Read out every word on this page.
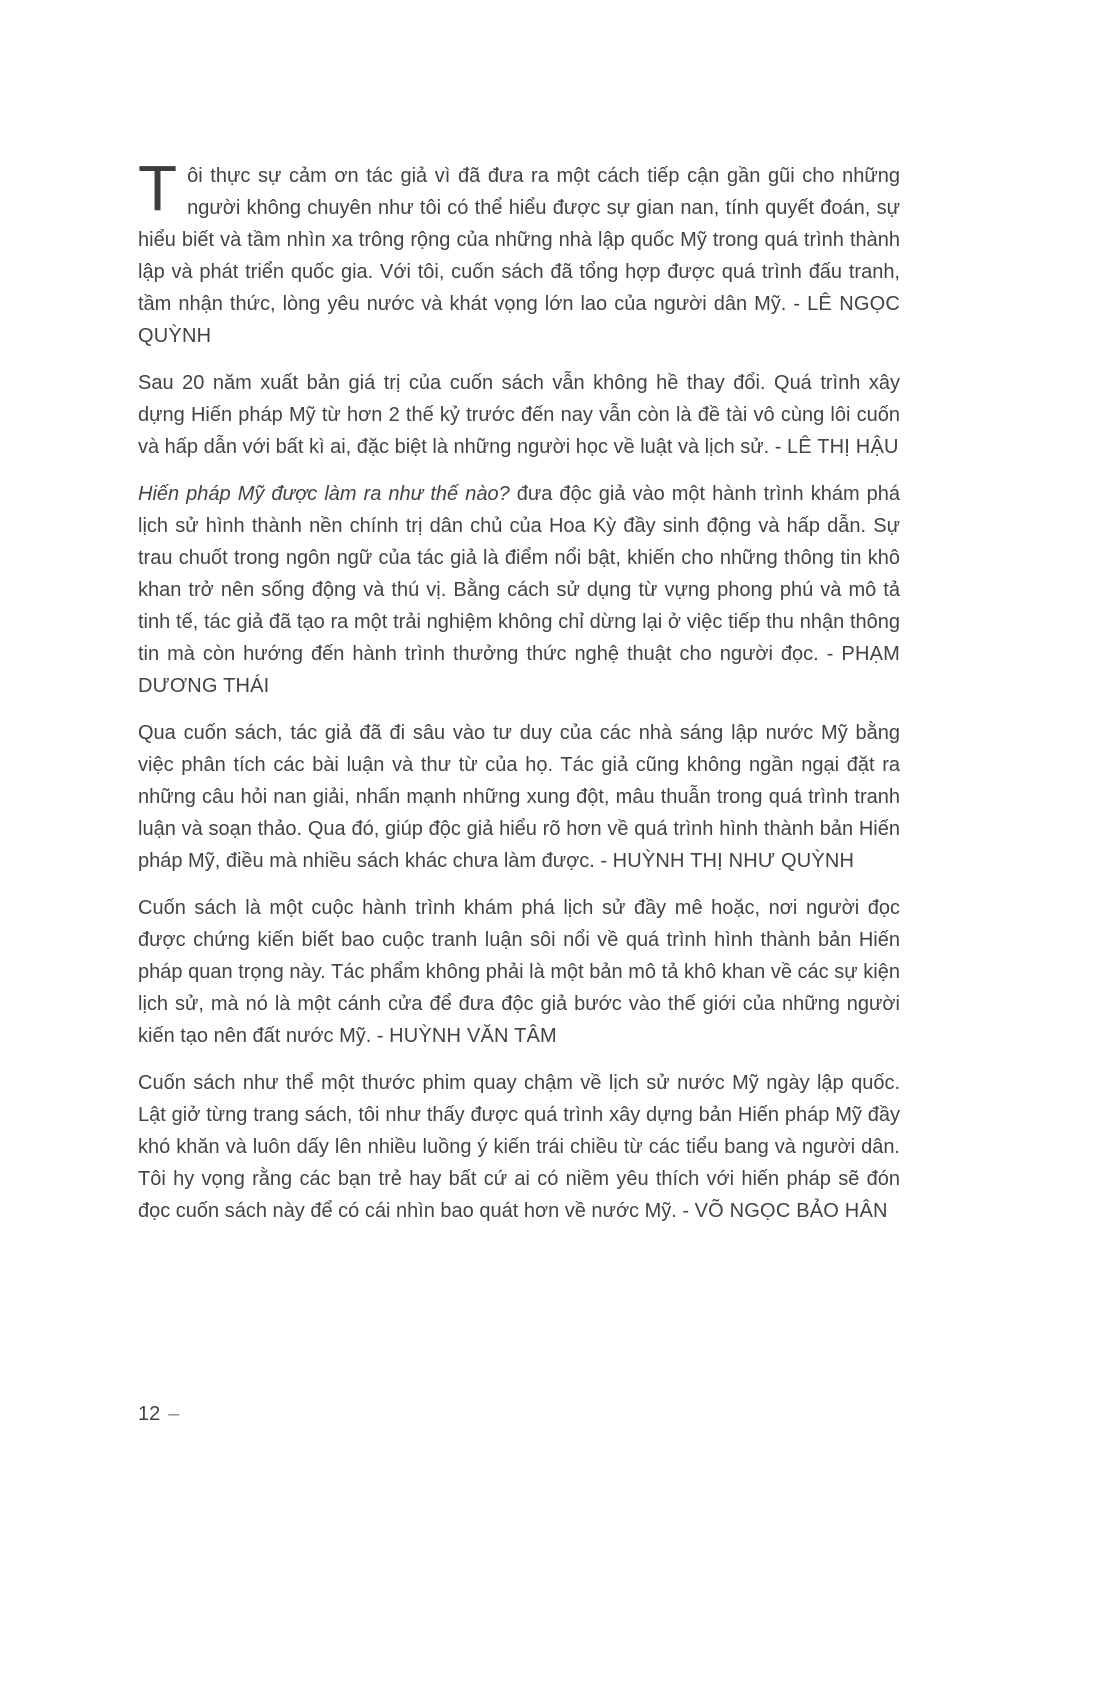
Tôi thực sự cảm ơn tác giả vì đã đưa ra một cách tiếp cận gần gũi cho những người không chuyên như tôi có thể hiểu được sự gian nan, tính quyết đoán, sự hiểu biết và tầm nhìn xa trông rộng của những nhà lập quốc Mỹ trong quá trình thành lập và phát triển quốc gia. Với tôi, cuốn sách đã tổng hợp được quá trình đấu tranh, tầm nhận thức, lòng yêu nước và khát vọng lớn lao của người dân Mỹ. - LÊ NGỌC QUỲNH

Sau 20 năm xuất bản giá trị của cuốn sách vẫn không hề thay đổi. Quá trình xây dựng Hiến pháp Mỹ từ hơn 2 thế kỷ trước đến nay vẫn còn là đề tài vô cùng lôi cuốn và hấp dẫn với bất kì ai, đặc biệt là những người học về luật và lịch sử. - LÊ THỊ HẬU

Hiến pháp Mỹ được làm ra như thế nào? đưa độc giả vào một hành trình khám phá lịch sử hình thành nền chính trị dân chủ của Hoa Kỳ đầy sinh động và hấp dẫn. Sự trau chuốt trong ngôn ngữ của tác giả là điểm nổi bật, khiến cho những thông tin khô khan trở nên sống động và thú vị. Bằng cách sử dụng từ vựng phong phú và mô tả tinh tế, tác giả đã tạo ra một trải nghiệm không chỉ dừng lại ở việc tiếp thu nhận thông tin mà còn hướng đến hành trình thưởng thức nghệ thuật cho người đọc. - PHẠM DƯƠNG THÁI

Qua cuốn sách, tác giả đã đi sâu vào tư duy của các nhà sáng lập nước Mỹ bằng việc phân tích các bài luận và thư từ của họ. Tác giả cũng không ngần ngại đặt ra những câu hỏi nan giải, nhấn mạnh những xung đột, mâu thuẫn trong quá trình tranh luận và soạn thảo. Qua đó, giúp độc giả hiểu rõ hơn về quá trình hình thành bản Hiến pháp Mỹ, điều mà nhiều sách khác chưa làm được. - HUỲNH THỊ NHƯ QUỲNH

Cuốn sách là một cuộc hành trình khám phá lịch sử đầy mê hoặc, nơi người đọc được chứng kiến biết bao cuộc tranh luận sôi nổi về quá trình hình thành bản Hiến pháp quan trọng này. Tác phẩm không phải là một bản mô tả khô khan về các sự kiện lịch sử, mà nó là một cánh cửa để đưa độc giả bước vào thế giới của những người kiến tạo nên đất nước Mỹ. - HUỲNH VĂN TÂM

Cuốn sách như thể một thước phim quay chậm về lịch sử nước Mỹ ngày lập quốc. Lật giở từng trang sách, tôi như thấy được quá trình xây dựng bản Hiến pháp Mỹ đầy khó khăn và luôn dấy lên nhiều luồng ý kiến trái chiều từ các tiểu bang và người dân. Tôi hy vọng rằng các bạn trẻ hay bất cứ ai có niềm yêu thích với hiến pháp sẽ đón đọc cuốn sách này để có cái nhìn bao quát hơn về nước Mỹ. - VÕ NGỌC BẢO HÂN

12 –
